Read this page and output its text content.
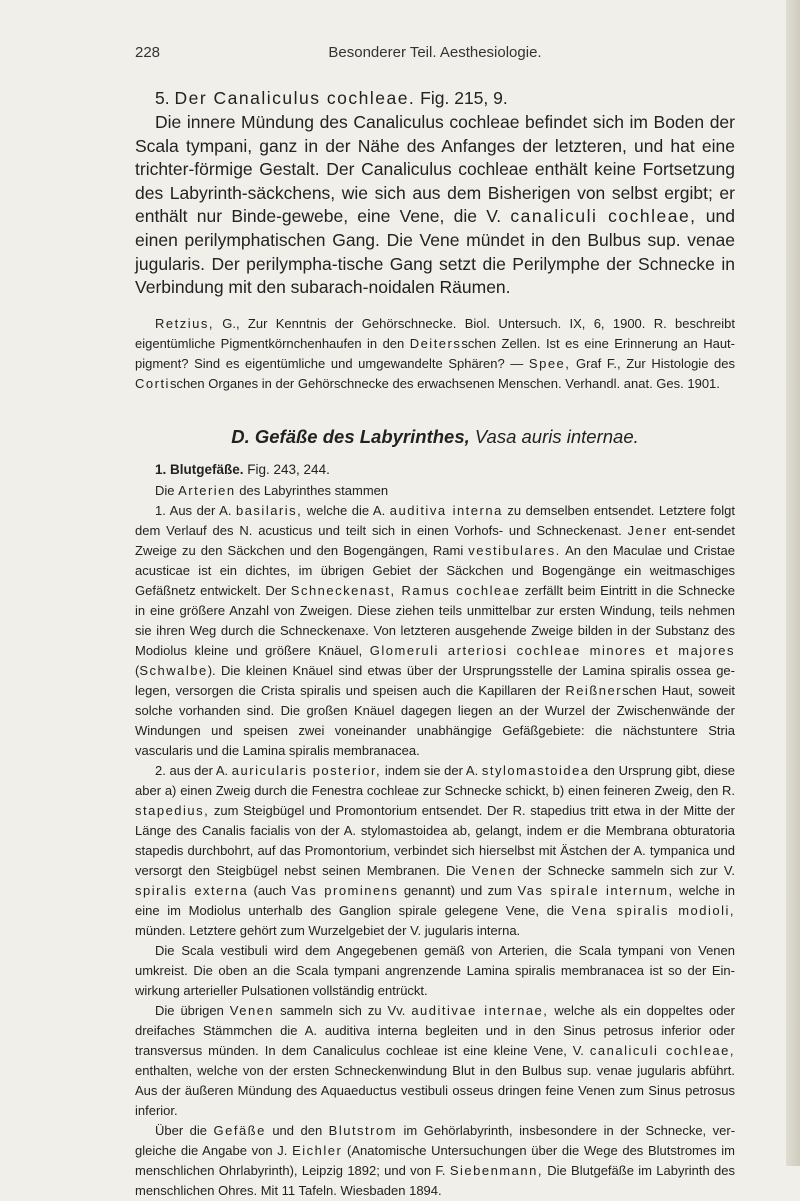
228	Besonderer Teil. Aesthesiologie.
5. Der Canaliculus cochleae. Fig. 215, 9.

Die innere Mündung des Canaliculus cochleae befindet sich im Boden der Scala tympani, ganz in der Nähe des Anfanges der letzteren, und hat eine trichter-förmige Gestalt. Der Canaliculus cochleae enthält keine Fortsetzung des Labyrinth-säckchens, wie sich aus dem Bisherigen von selbst ergibt; er enthält nur Binde-gewebe, eine Vene, die V. canaliculi cochleae, und einen perilymphatischen Gang. Die Vene mündet in den Bulbus sup. venae jugularis. Der perilympha-tische Gang setzt die Perilymphe der Schnecke in Verbindung mit den subarach-noidalen Räumen.

Retzius, G., Zur Kenntnis der Gehörschnecke. Biol. Untersuch. IX, 6, 1900. R. beschreibt eigentümliche Pigmentkörnchenhaufen in den Deitersschen Zellen. Ist es eine Erinnerung an Haut-pigment? Sind es eigentümliche und umgewandelte Sphären? — Spee, Graf F., Zur Histologie des Cortischen Organes in der Gehörschnecke des erwachsenen Menschen. Verhandl. anat. Ges. 1901.

D. Gefäße des Labyrinthes, Vasa auris internae.
1. Blutgefäße. Fig. 243, 244.

Die Arterien des Labyrinthes stammen

1. Aus der A. basilaris, welche die A. auditiva interna zu demselben entsendet. Letztere folgt dem Verlauf des N. acusticus und teilt sich in einen Vorhofs- und Schneckenast. Jener ent-sendet Zweige zu den Säckchen und den Bogengängen, Rami vestibulares. An den Maculae und Cristae acusticae ist ein dichtes, im übrigen Gebiet der Säckchen und Bogengänge ein weitmaschiges Gefäßnetz entwickelt. Der Schneckenast, Ramus cochleae zerfällt beim Eintritt in die Schnecke in eine größere Anzahl von Zweigen. Diese ziehen teils unmittelbar zur ersten Windung, teils nehmen sie ihren Weg durch die Schneckenaxe. Von letzteren ausgehende Zweige bilden in der Substanz des Modiolus kleine und größere Knäuel, Glomeruli arteriosi cochleae minores et majores (Schwalbe). Die kleinen Knäuel sind etwas über der Ursprungsstelle der Lamina spiralis ossea ge-legen, versorgen die Crista spiralis und speisen auch die Kapillaren der Reißnerschen Haut, soweit solche vorhanden sind. Die großen Knäuel dagegen liegen an der Wurzel der Zwischenwände der Windungen und speisen zwei voneinander unabhängige Gefäßgebiete: die nächstuntere Stria vascularis und die Lamina spiralis membranacea.

2. aus der A. auricularis posterior, indem sie der A. stylomastoidea den Ursprung gibt, diese aber a) einen Zweig durch die Fenestra cochleae zur Schnecke schickt, b) einen feineren Zweig, den R. stapedius, zum Steigbügel und Promontorium entsendet. Der R. stapedius tritt etwa in der Mitte der Länge des Canalis facialis von der A. stylomastoidea ab, gelangt, indem er die Membrana obturatoria stapedis durchbohrt, auf das Promontorium, verbindet sich hierselbst mit Ästchen der A. tympanica und versorgt den Steigbügel nebst seinen Membranen. Die Venen der Schnecke sammeln sich zur V. spiralis externa (auch Vas prominens genannt) und zum Vas spirale internum, welche in eine im Modiolus unterhalb des Ganglion spirale gelegene Vene, die Vena spiralis modioli, münden. Letztere gehört zum Wurzelgebiet der V. jugularis interna.

Die Scala vestibuli wird dem Angegebenen gemäß von Arterien, die Scala tympani von Venen umkreist. Die oben an die Scala tympani angrenzende Lamina spiralis membranacea ist so der Ein-wirkung arterieller Pulsationen vollständig entrückt.

Die übrigen Venen sammeln sich zu Vv. auditivae internae, welche als ein doppeltes oder dreifaches Stämmchen die A. auditiva interna begleiten und in den Sinus petrosus inferior oder transversus münden. In dem Canaliculus cochleae ist eine kleine Vene, V. canaliculi cochleae, enthalten, welche von der ersten Schneckenwindung Blut in den Bulbus sup. venae jugularis abführt. Aus der äußeren Mündung des Aquaeductus vestibuli osseus dringen feine Venen zum Sinus petrosus inferior.

Über die Gefäße und den Blutstrom im Gehörlabyrinth, insbesondere in der Schnecke, ver-gleiche die Angabe von J. Eichler (Anatomische Untersuchungen über die Wege des Blutstromes im menschlichen Ohrlabyrinth), Leipzig 1892; und von F. Siebenmann, Die Blutgefäße im Labyrinth des menschlichen Ohres. Mit 11 Tafeln. Wiesbaden 1894.
